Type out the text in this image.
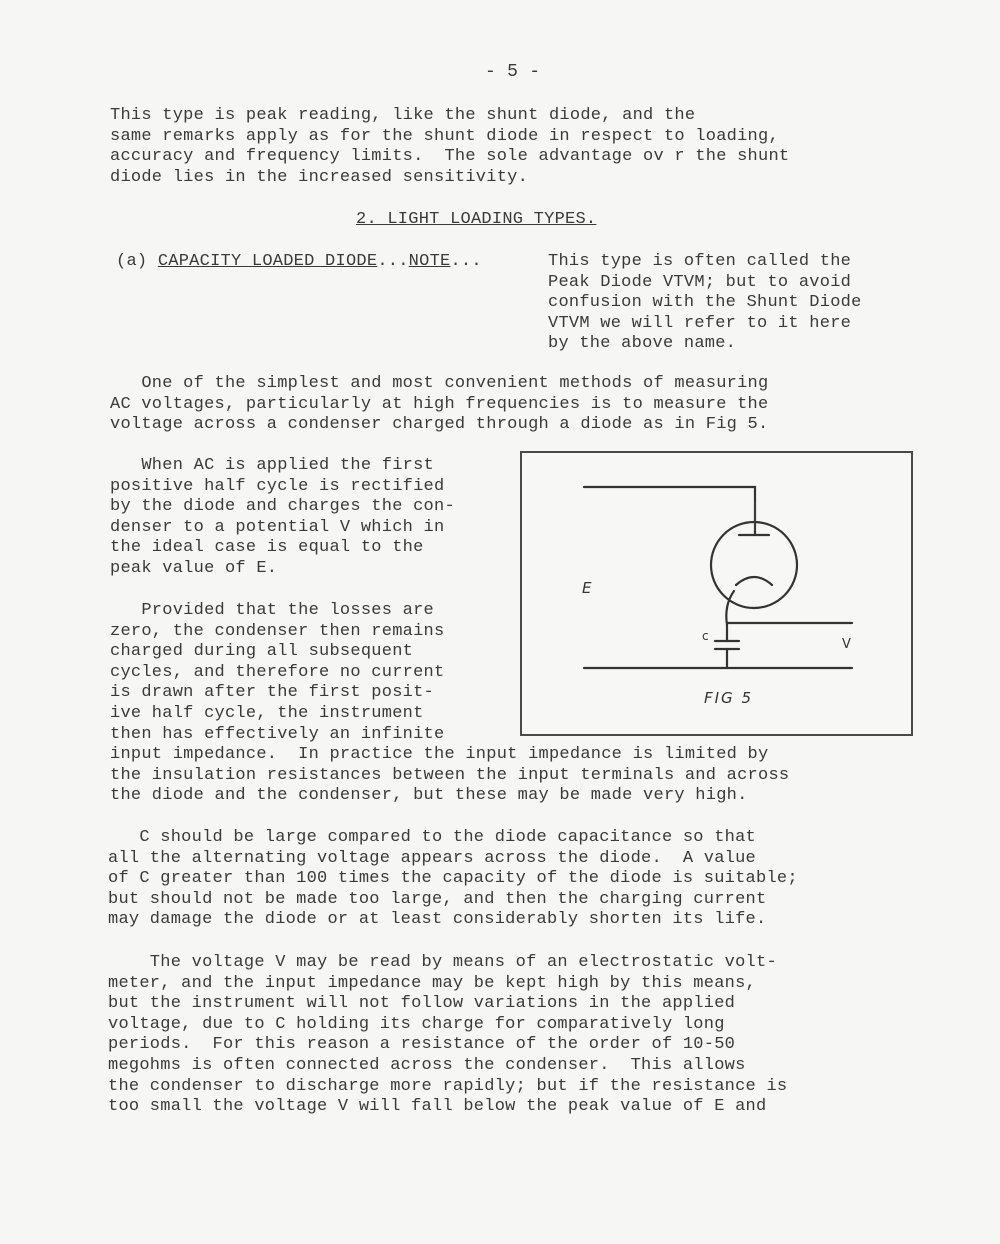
- 5 -

This type is peak reading, like the shunt diode, and the
same remarks apply as for the shunt diode in respect to loading,
accuracy and frequency limits.  The sole advantage ov r the shunt
diode lies in the increased sensitivity.

2. LIGHT LOADING TYPES.

(a) CAPACITY LOADED DIODE...NOTE...	This type is often called the
Peak Diode VTVM; but to avoid
confusion with the Shunt Diode
VTVM we will refer to it here
by the above name.

One of the simplest and most convenient methods of measuring
AC voltages, particularly at high frequencies is to measure the
voltage across a condenser charged through a diode as in Fig 5.

When AC is applied the first
positive half cycle is rectified
by the diode and charges the con-
denser to a potential V which in
the ideal case is equal to the
peak value of E.

Provided that the losses are
zero, the condenser then remains
charged during all subsequent
cycles, and therefore no current
is drawn after the first posit-
ive half cycle, the instrument
then has effectively an infinite

input impedance.  In practice the input impedance is limited by
the insulation resistances between the input terminals and across
the diode and the condenser, but these may be made very high.

C should be large compared to the diode capacitance so that
all the alternating voltage appears across the diode.  A value
of C greater than 100 times the capacity of the diode is suitable;
but should not be made too large, and then the charging current
may damage the diode or at least considerably shorten its life.

The voltage V may be read by means of an electrostatic volt-
meter, and the input impedance may be kept high by this means,
but the instrument will not follow variations in the applied
voltage, due to C holding its charge for comparatively long
periods.  For this reason a resistance of the order of 10-50
megohms is often connected across the condenser.  This allows
the condenser to discharge more rapidly; but if the resistance is
too small the voltage V will fall below the peak value of E and

E
c
V
FIG 5
